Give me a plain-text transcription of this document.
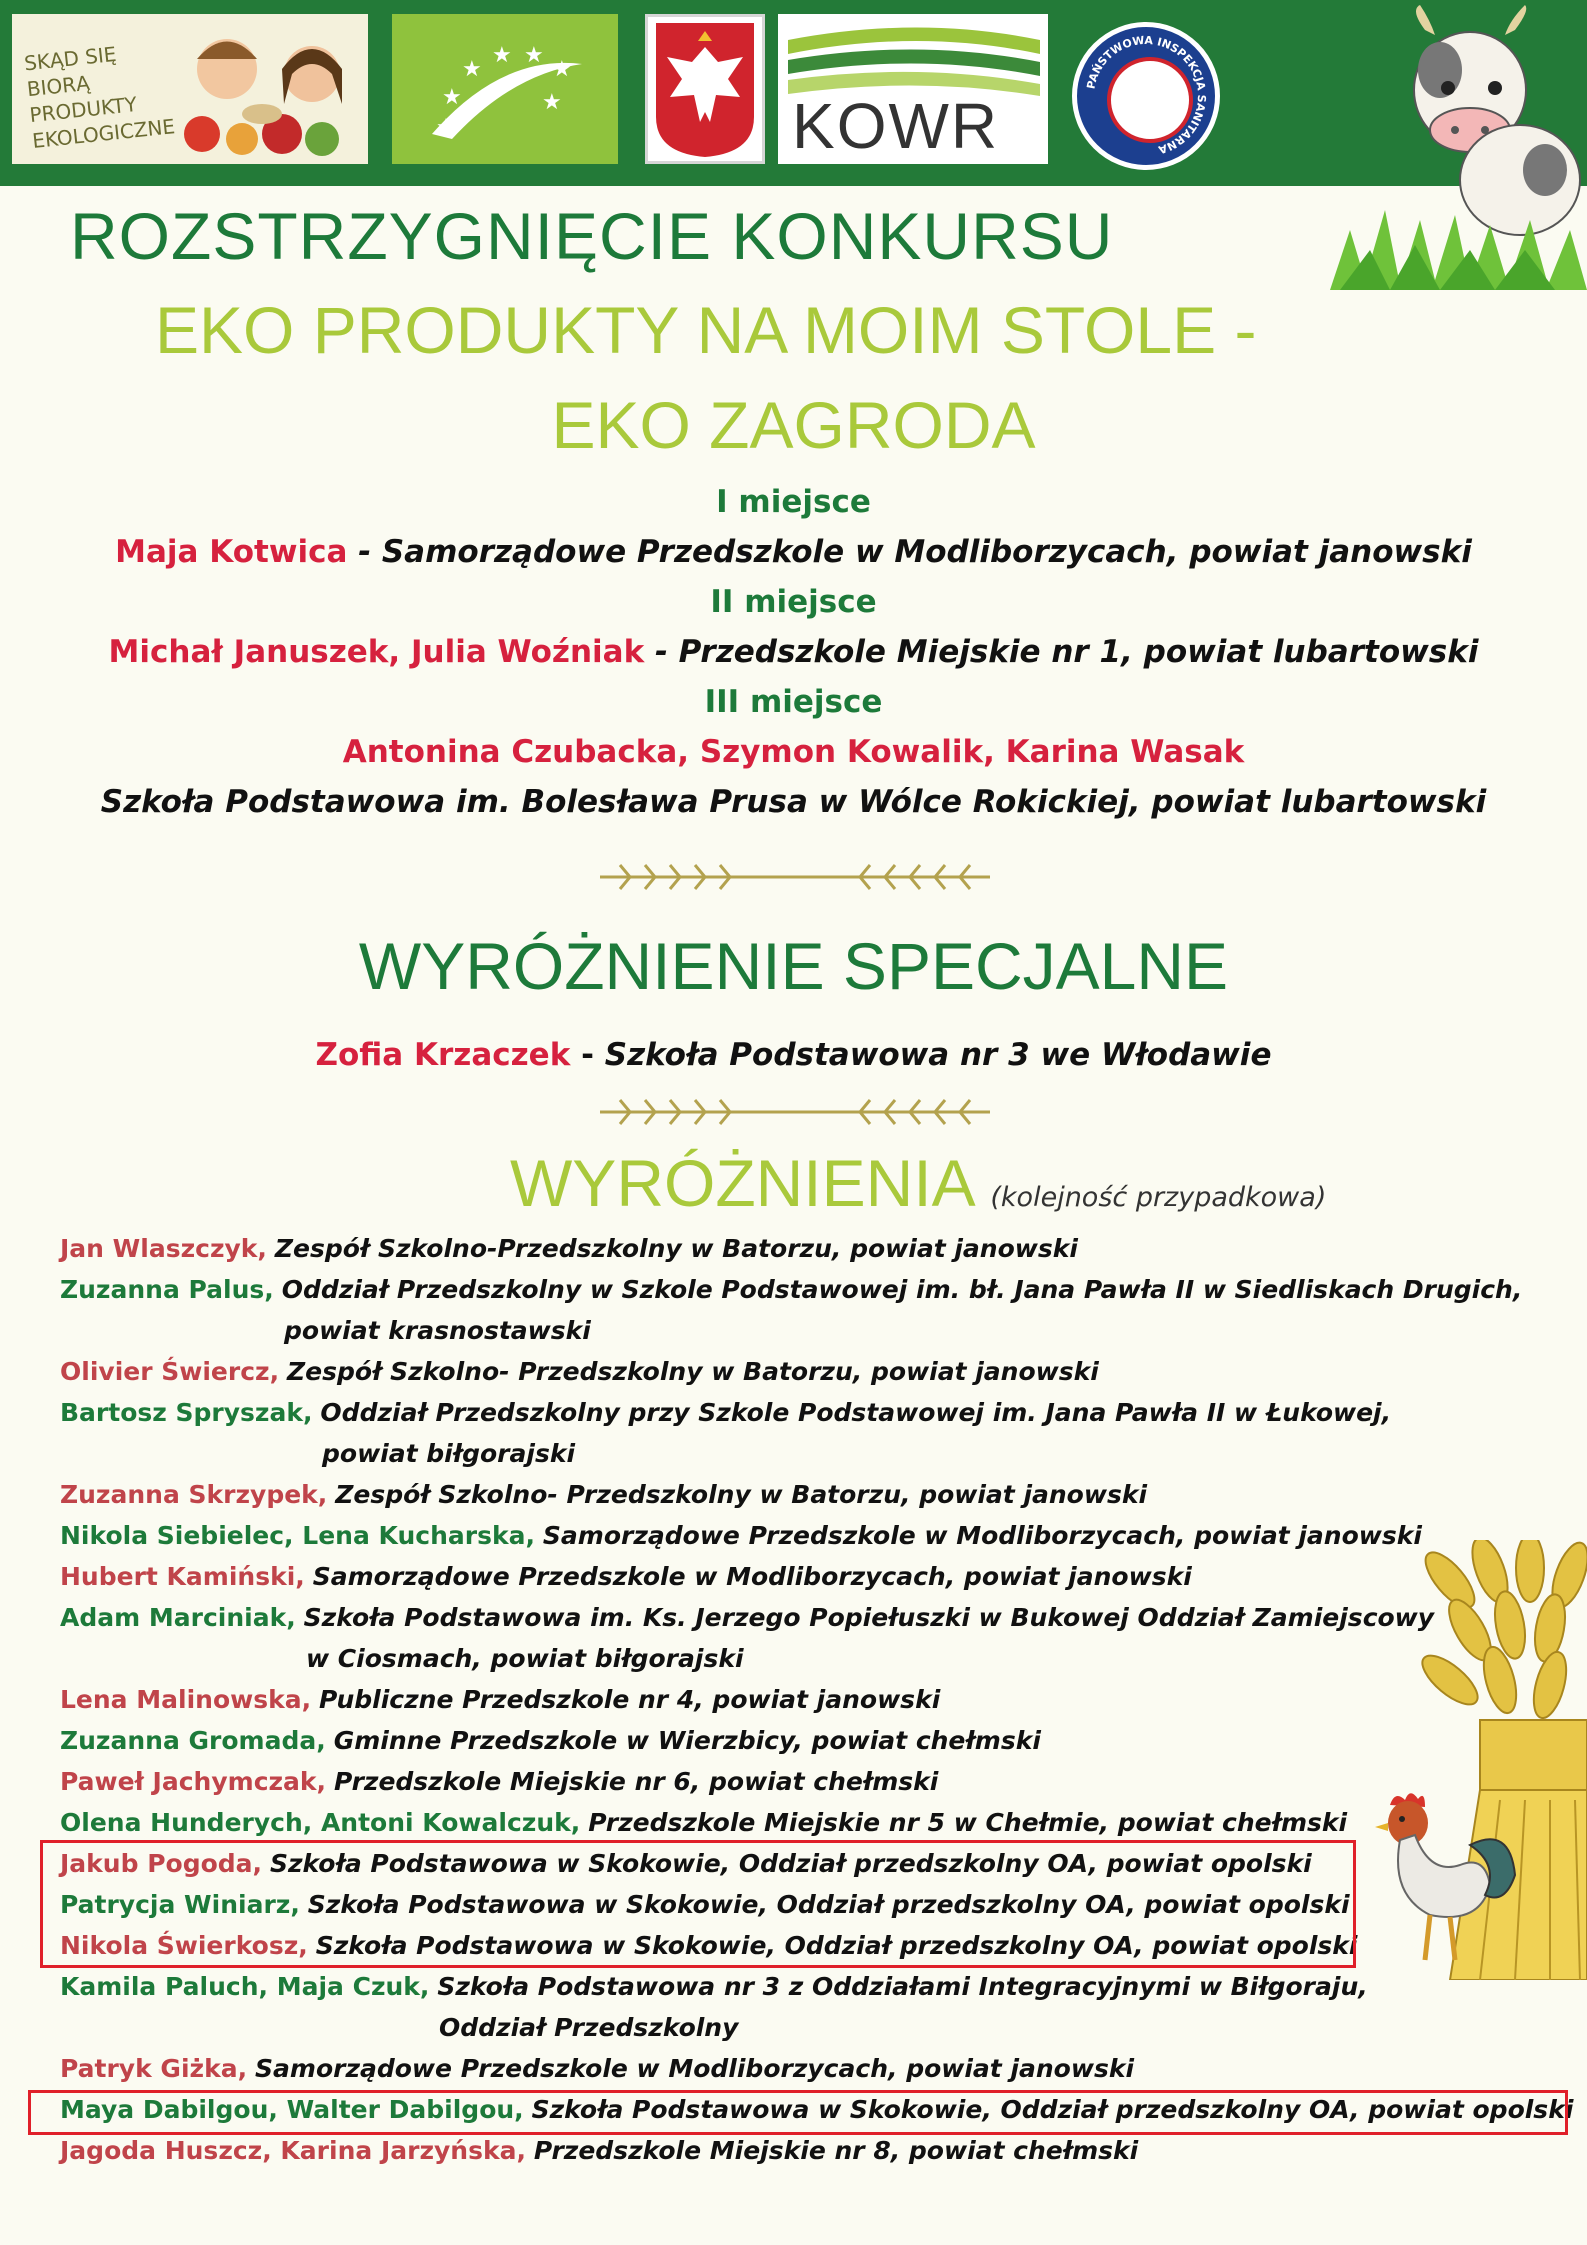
SKĄD SIĘ BIORĄ PRODUKTY EKOLOGICZNE
★
★ ★
★
★
★
★	KOWR
PAŃSTWOWA INSPEKCJA SANITARNA
ROZSTRZYGNIĘCIE KONKURSU
EKO PRODUKTY NA MOIM STOLE -
EKO ZAGRODA
I miejsce
Maja Kotwica - Samorządowe Przedszkole w Modliborzycach, powiat janowski
II miejsce
Michał Januszek, Julia Woźniak - Przedszkole Miejskie nr 1, powiat lubartowski
III miejsce
Antonina Czubacka, Szymon Kowalik, Karina Wasak
Szkoła Podstawowa im. Bolesława Prusa w Wólce Rokickiej, powiat lubartowski
WYRÓŻNIENIE SPECJALNE
Zofia Krzaczek - Szkoła Podstawowa nr 3 we Włodawie
WYRÓŻNIENIA (kolejność przypadkowa)
Jan Wlaszczyk, Zespół Szkolno-Przedszkolny w Batorzu, powiat janowski
Zuzanna Palus, Oddział Przedszkolny w Szkole Podstawowej im. bł. Jana Pawła II w Siedliskach Drugich,
powiat krasnostawski
Olivier Świercz, Zespół Szkolno- Przedszkolny w Batorzu, powiat janowski
Bartosz Spryszak, Oddział Przedszkolny przy Szkole Podstawowej im. Jana Pawła II w Łukowej,
powiat biłgorajski
Zuzanna Skrzypek, Zespół Szkolno- Przedszkolny w Batorzu, powiat janowski
Nikola Siebielec, Lena Kucharska, Samorządowe Przedszkole w Modliborzycach, powiat janowski
Hubert Kamiński, Samorządowe Przedszkole w Modliborzycach, powiat janowski
Adam Marciniak, Szkoła Podstawowa im. Ks. Jerzego Popiełuszki w Bukowej Oddział Zamiejscowy
w Ciosmach, powiat biłgorajski
Lena Malinowska, Publiczne Przedszkole nr 4, powiat janowski
Zuzanna Gromada, Gminne Przedszkole w Wierzbicy, powiat chełmski
Paweł Jachymczak, Przedszkole Miejskie nr 6, powiat chełmski
Olena Hunderych, Antoni Kowalczuk, Przedszkole Miejskie nr 5 w Chełmie, powiat chełmski
Jakub Pogoda, Szkoła Podstawowa w Skokowie, Oddział przedszkolny OA, powiat opolski
Patrycja Winiarz, Szkoła Podstawowa w Skokowie, Oddział przedszkolny OA, powiat opolski
Nikola Świerkosz, Szkoła Podstawowa w Skokowie, Oddział przedszkolny OA, powiat opolski
Kamila Paluch, Maja Czuk, Szkoła Podstawowa nr 3 z Oddziałami Integracyjnymi w Biłgoraju,
Oddział Przedszkolny
Patryk Giżka, Samorządowe Przedszkole w Modliborzycach, powiat janowski
Maya Dabilgou, Walter Dabilgou, Szkoła Podstawowa w Skokowie, Oddział przedszkolny OA, powiat opolski
Jagoda Huszcz, Karina Jarzyńska, Przedszkole Miejskie nr 8, powiat chełmski
